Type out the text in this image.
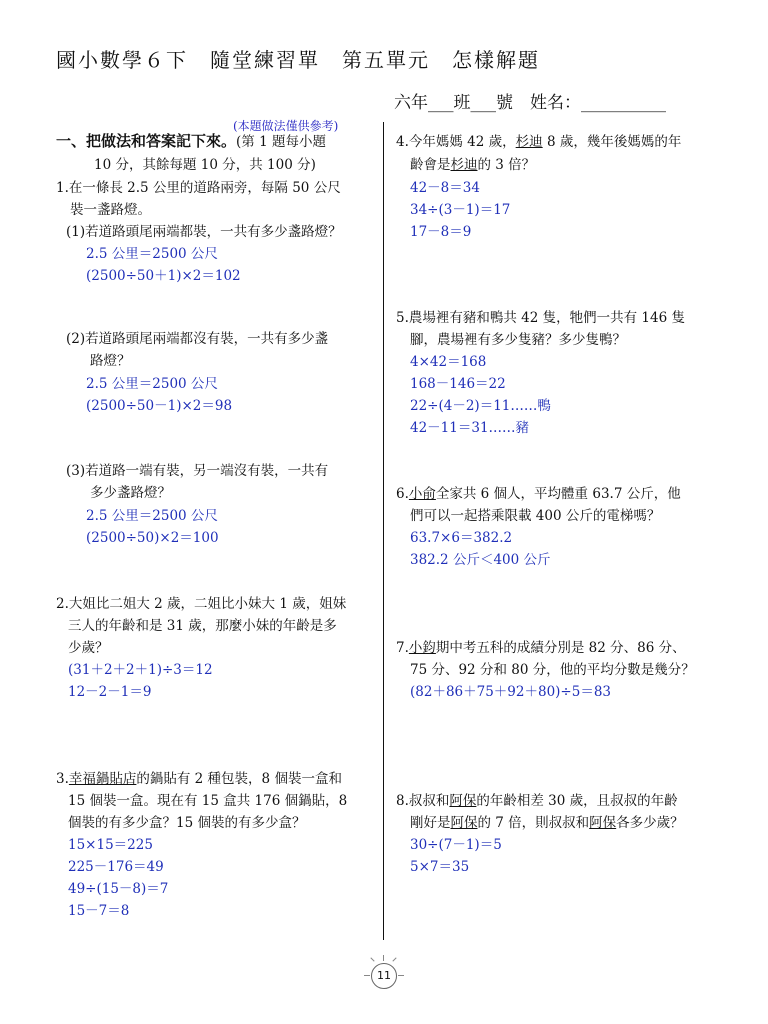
國小數學６下　隨堂練習單　第五單元　怎樣解題
六年___班___號　姓名：__________
(本題做法僅供參考)
一、把做法和答案記下來。(第 1 題每小題
10 分，其餘每題 10 分，共 100 分)
1.在一條長 2.5 公里的道路兩旁，每隔 50 公尺
裝一盞路燈。
(1)若道路頭尾兩端都裝，一共有多少盞路燈？
2.5 公里＝2500 公尺
(2500÷50＋1)×2＝102
(2)若道路頭尾兩端都沒有裝，一共有多少盞
路燈？
2.5 公里＝2500 公尺
(2500÷50－1)×2＝98
(3)若道路一端有裝，另一端沒有裝，一共有
多少盞路燈？
2.5 公里＝2500 公尺
(2500÷50)×2＝100
2.大姐比二姐大 2 歲，二姐比小妹大 1 歲，姐妹
三人的年齡和是 31 歲，那麼小妹的年齡是多
少歲？
(31＋2＋2＋1)÷3＝12
12－2－1＝9
3.幸福鍋貼店的鍋貼有 2 種包裝，8 個裝一盒和
15 個裝一盒。現在有 15 盒共 176 個鍋貼，8
個裝的有多少盒？15 個裝的有多少盒？
15×15＝225
225－176＝49
49÷(15－8)＝7
15－7＝8
4.今年媽媽 42 歲，杉迪 8 歲，幾年後媽媽的年
齡會是杉迪的 3 倍？
42－8＝34
34÷(3－1)＝17
17－8＝9
5.農場裡有豬和鴨共 42 隻，牠們一共有 146 隻
腳，農場裡有多少隻豬？多少隻鴨？
4×42＝168
168－146＝22
22÷(4－2)＝11……鴨
42－11＝31……豬
6.小俞全家共 6 個人，平均體重 63.7 公斤，他
們可以一起搭乘限載 400 公斤的電梯嗎？
63.7×6＝382.2
382.2 公斤＜400 公斤
7.小鈞期中考五科的成績分別是 82 分、86 分、
75 分、92 分和 80 分，他的平均分數是幾分？
(82＋86＋75＋92＋80)÷5＝83
8.叔叔和阿保的年齡相差 30 歲，且叔叔的年齡
剛好是阿保的 7 倍，則叔叔和阿保各多少歲？
30÷(7－1)＝5
5×7＝35
11
